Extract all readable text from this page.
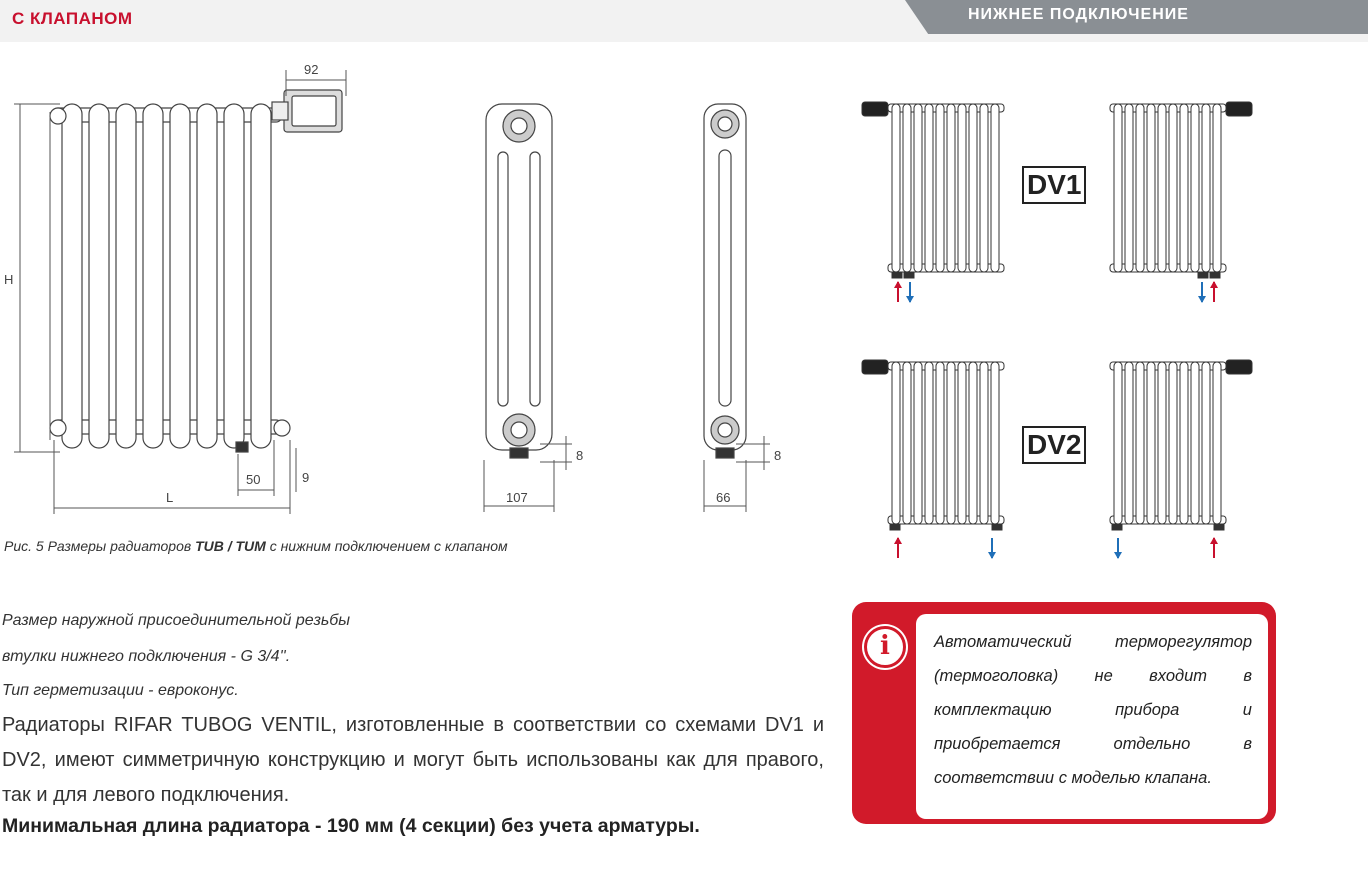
С КЛАПАНОМ	НИЖНЕЕ ПОДКЛЮЧЕНИЕ
92
H
50	9
L	107
8
66
8
DV1
DV2
Рис. 5 Размеры радиаторов TUB / TUM с нижним подключением с клапаном
Размер наружной присоединительной резьбы
втулки нижнего подключения - G 3/4''.
Тип герметизации - евроконус.
Радиаторы RIFAR TUBOG VENTIL, изготовленные в соответствии со схемами DV1 и DV2, имеют симметричную конструкцию и могут быть использованы как для правого, так и для левого подключения.
Минимальная длина радиатора - 190 мм (4 секции) без учета арматуры.
i	Автоматический терморегулятор (термоголовка) не входит в комплектацию прибора и приобретается отдельно в соответствии с моделью клапана.
